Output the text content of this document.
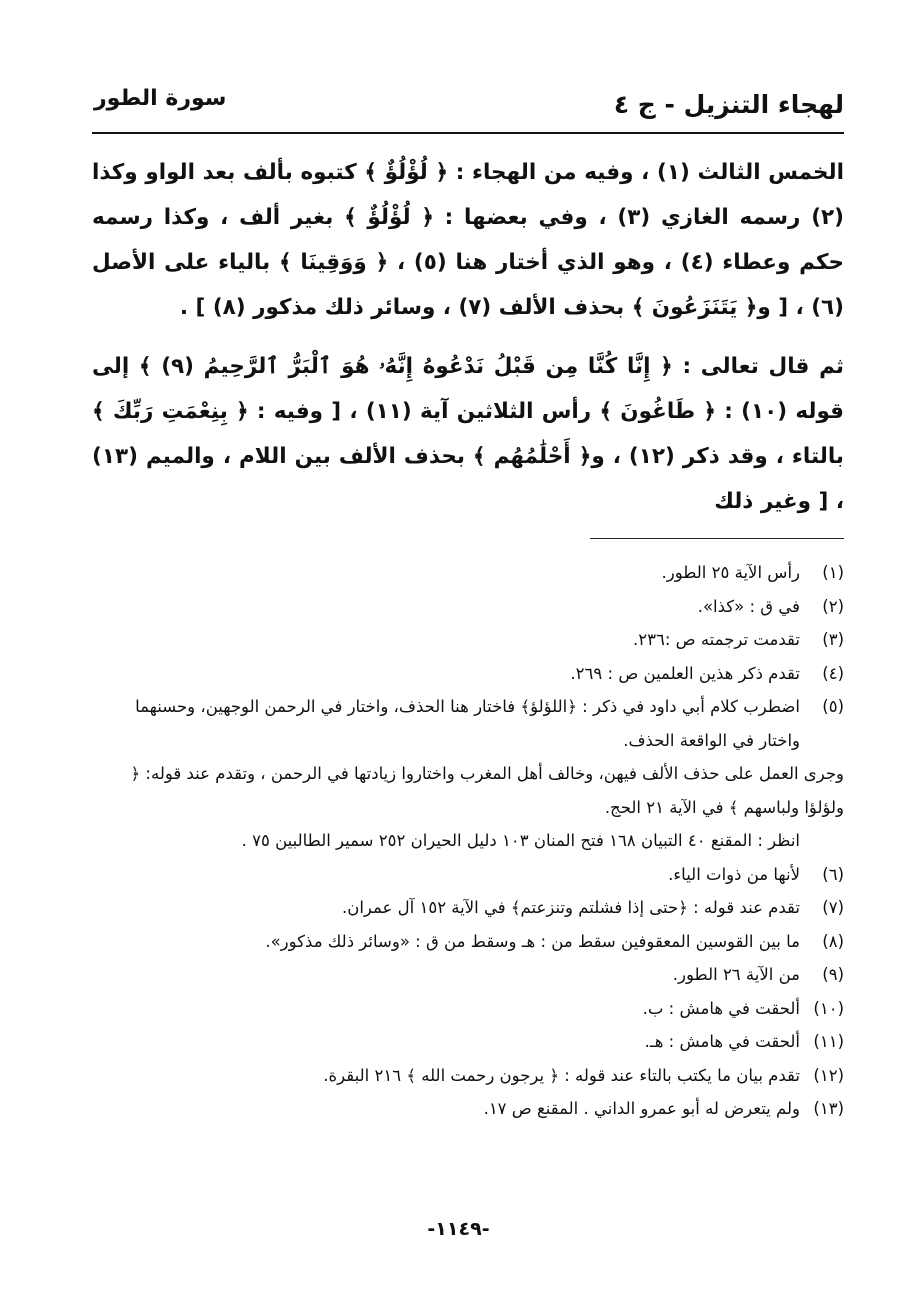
لهجاء التنزيل - ج ٤
سورة الطور

الخمس الثالث (١) ، وفيه من الهجاء : ﴿ لُؤْلُؤٌ ﴾ كتبوه بألف بعد الواو وكذا (٢) رسمه الغازي (٣) ، وفي بعضها : ﴿ لُؤْلُؤٌ ﴾ بغير ألف ، وكذا رسمه حكم وعطاء (٤) ، وهو الذي أختار هنا (٥) ، ﴿ وَوَقِينَا ﴾ بالياء على الأصل (٦) ، [ و﴿ يَتَنَزَعُونَ ﴾ بحذف الألف (٧) ، وسائر ذلك مذكور (٨) ] .

ثم قال تعالى : ﴿ إِنَّا كُنَّا مِن قَبْلُ نَدْعُوهُ إِنَّهُۥ هُوَ ٱلْبَرُّ ٱلرَّحِيمُ (٩) ﴾ إلى قوله (١٠) : ﴿ طَاغُونَ ﴾ رأس الثلاثين آية (١١) ، [ وفيه : ﴿ بِنِعْمَتِ رَبِّكَ ﴾ بالتاء ، وقد ذكر (١٢) ، و﴿ أَحْلَٰمُهُم ﴾ بحذف الألف بين اللام ، والميم (١٣) ، [ وغير ذلك

(١)
رأس الآية ٢٥ الطور.
(٢)
في ق : «كذا».
(٣)
تقدمت ترجمته ص :٢٣٦.
(٤)
تقدم ذكر هذين العلمين ص : ٢٦٩.
(٥)
اضطرب كلام أبي داود في ذكر : ﴿اللؤلؤ﴾ فاختار هنا الحذف، واختار في الرحمن الوجهين، وحسنهما واختار في الواقعة الحذف.
وجرى العمل على حذف الألف فيهن، وخالف أهل المغرب واختاروا زيادتها في الرحمن ، وتقدم عند قوله: ﴿ ولؤلؤا ولباسهم ﴾ في الآية ٢١ الحج.
انظر : المقنع ٤٠ التبيان ١٦٨ فتح المنان ١٠٣ دليل الحيران ٢٥٢ سمير الطالبين ٧٥ .
(٦)
لأنها من ذوات الياء.
(٧)
تقدم عند قوله : ﴿حتى إذا فشلتم وتنزعتم﴾ في الآية ١٥٢ آل عمران.
(٨)
ما بين القوسين المعقوفين سقط من : هـ وسقط من ق : «وسائر ذلك مذكور».
(٩)
من الآية ٢٦ الطور.
(١٠)
ألحقت في هامش : ب.
(١١)
ألحقت في هامش : هـ.
(١٢)
تقدم بيان ما يكتب بالتاء عند قوله : ﴿ يرجون رحمت الله ﴾ ٢١٦ البقرة.
(١٣)
ولم يتعرض له أبو عمرو الداني . المقنع ص ١٧.
-١١٤٩-
